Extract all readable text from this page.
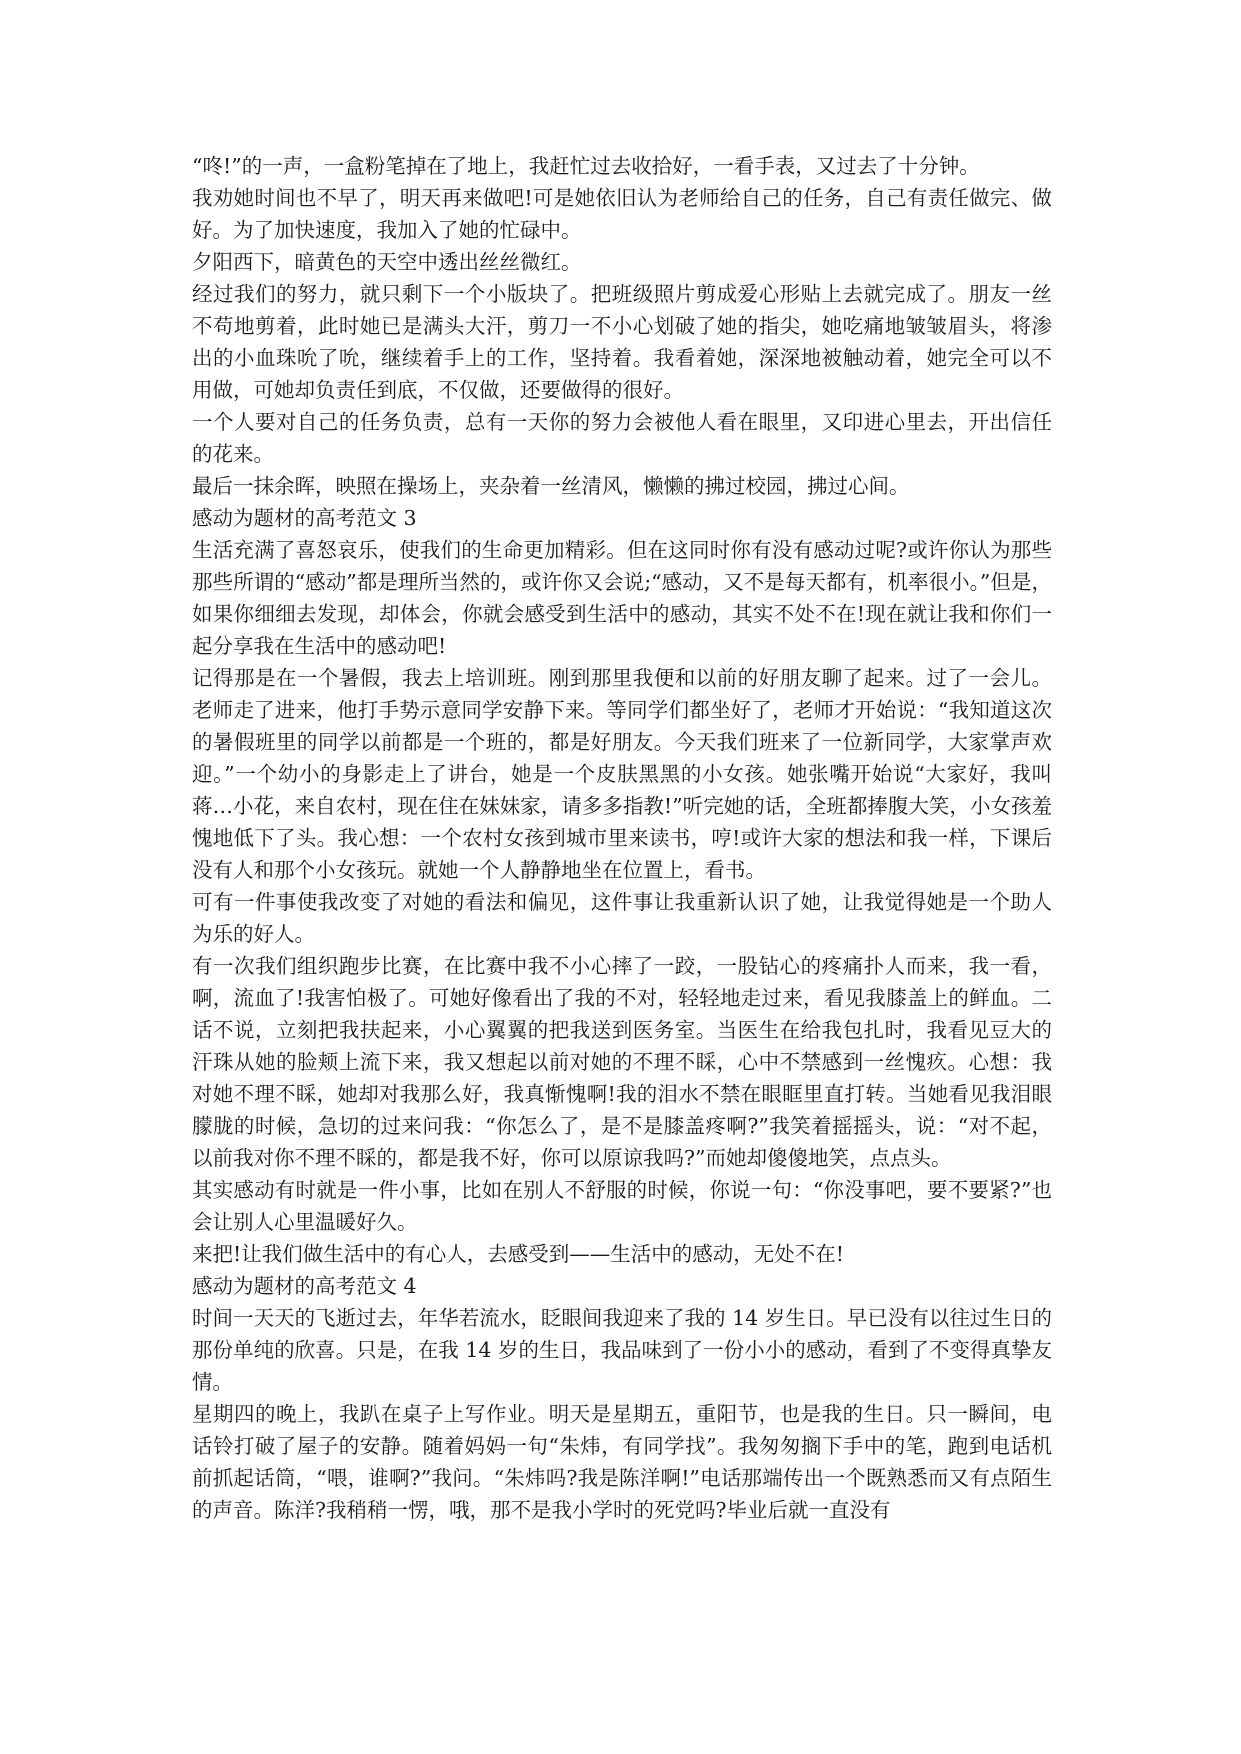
“咚!”的一声，一盒粉笔掉在了地上，我赶忙过去收拾好，一看手表，又过去了十分钟。

我劝她时间也不早了，明天再来做吧!可是她依旧认为老师给自己的任务，自己有责任做完、做好。为了加快速度，我加入了她的忙碌中。

夕阳西下，暗黄色的天空中透出丝丝微红。

经过我们的努力，就只剩下一个小版块了。把班级照片剪成爱心形贴上去就完成了。朋友一丝不苟地剪着，此时她已是满头大汗，剪刀一不小心划破了她的指尖，她吃痛地皱皱眉头，将渗出的小血珠吮了吮，继续着手上的工作，坚持着。我看着她，深深地被触动着，她完全可以不用做，可她却负责任到底，不仅做，还要做得的很好。

一个人要对自己的任务负责，总有一天你的努力会被他人看在眼里，又印进心里去，开出信任的花来。

最后一抹余晖，映照在操场上，夹杂着一丝清风，懒懒的拂过校园，拂过心间。

感动为题材的高考范文 3

生活充满了喜怒哀乐，使我们的生命更加精彩。但在这同时你有没有感动过呢?或许你认为那些那些所谓的“感动”都是理所当然的，或许你又会说;“感动，又不是每天都有，机率很小。”但是，如果你细细去发现，却体会，你就会感受到生活中的感动，其实不处不在!现在就让我和你们一起分享我在生活中的感动吧!

记得那是在一个暑假，我去上培训班。刚到那里我便和以前的好朋友聊了起来。过了一会儿。老师走了进来，他打手势示意同学安静下来。等同学们都坐好了，老师才开始说：“我知道这次的暑假班里的同学以前都是一个班的，都是好朋友。今天我们班来了一位新同学，大家掌声欢迎。”一个幼小的身影走上了讲台，她是一个皮肤黑黑的小女孩。她张嘴开始说“大家好，我叫蒋…小花，来自农村，现在住在妹妹家，请多多指教!”听完她的话，全班都捧腹大笑，小女孩羞愧地低下了头。我心想：一个农村女孩到城市里来读书，哼!或许大家的想法和我一样，下课后没有人和那个小女孩玩。就她一个人静静地坐在位置上，看书。

可有一件事使我改变了对她的看法和偏见，这件事让我重新认识了她，让我觉得她是一个助人为乐的好人。

有一次我们组织跑步比赛，在比赛中我不小心摔了一跤，一股钻心的疼痛扑人而来，我一看，啊，流血了!我害怕极了。可她好像看出了我的不对，轻轻地走过来，看见我膝盖上的鲜血。二话不说，立刻把我扶起来，小心翼翼的把我送到医务室。当医生在给我包扎时，我看见豆大的汗珠从她的脸颊上流下来，我又想起以前对她的不理不睬，心中不禁感到一丝愧疚。心想：我对她不理不睬，她却对我那么好，我真惭愧啊!我的泪水不禁在眼眶里直打转。当她看见我泪眼朦胧的时候，急切的过来问我：“你怎么了，是不是膝盖疼啊?”我笑着摇摇头，说：“对不起，以前我对你不理不睬的，都是我不好，你可以原谅我吗?”而她却傻傻地笑，点点头。

其实感动有时就是一件小事，比如在别人不舒服的时候，你说一句：“你没事吧，要不要紧?”也会让别人心里温暖好久。

来把!让我们做生活中的有心人，去感受到——生活中的感动，无处不在!

感动为题材的高考范文 4

时间一天天的飞逝过去，年华若流水，眨眼间我迎来了我的 14 岁生日。早已没有以往过生日的那份单纯的欣喜。只是，在我 14 岁的生日，我品味到了一份小小的感动，看到了不变得真挚友情。

星期四的晚上，我趴在桌子上写作业。明天是星期五，重阳节，也是我的生日。只一瞬间，电话铃打破了屋子的安静。随着妈妈一句“朱炜，有同学找”。我匆匆搁下手中的笔，跑到电话机前抓起话筒，“喂，谁啊?”我问。“朱炜吗?我是陈洋啊!”电话那端传出一个既熟悉而又有点陌生的声音。陈洋?我稍稍一愣，哦，那不是我小学时的死党吗?毕业后就一直没有
